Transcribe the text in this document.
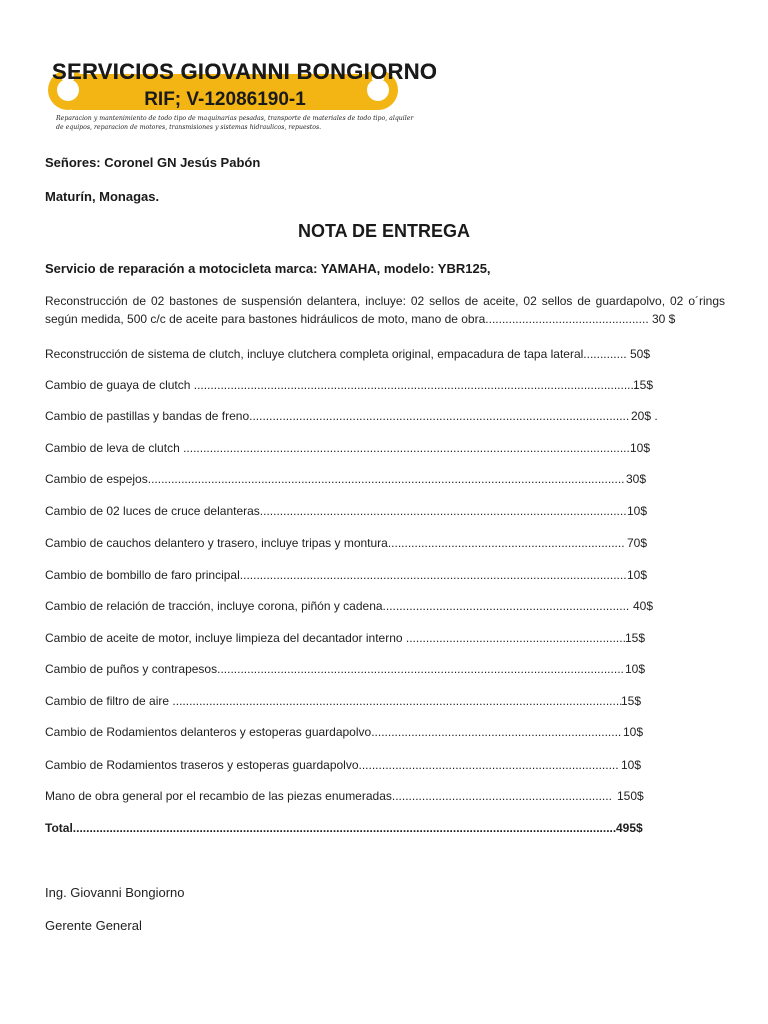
SERVICIOS GIOVANNI BONGIORNO
RIF; V-12086190-1
Reparacion y mantenimiento de todo tipo de maquinarias pesadas, transporte de materiales de todo tipo, alquiler
de equipos, reparacion de motores, transmisiones y sistemas hidraulicos, repuestos.
Señores: Coronel GN Jesús Pabón
Maturín, Monagas.
NOTA DE ENTREGA
Servicio de reparación a motocicleta marca: YAMAHA, modelo: YBR125,
Reconstrucción de 02 bastones de suspensión delantera, incluye: 02 sellos de aceite, 02 sellos de guardapolvo, 02 o´rings según medida, 500 c/c de aceite para bastones hidráulicos de moto, mano de obra................................................. 30 $
Reconstrucción de sistema de clutch, incluye clutchera completa original, empacadura de tapa lateral............. 50$
Cambio de guaya de clutch .....................................................................................................................................
15$
Cambio de pastillas y bandas de freno.................................................................................................................. 20$ .
Cambio de leva de clutch .......................................................................................................................................
10$
Cambio de espejos............................................................................................................................................... 30$
Cambio de 02 luces de cruce delanteras.............................................................................................................. 10$
Cambio de cauchos delantero y trasero, incluye tripas y montura....................................................................... 70$
Cambio de bombillo de faro principal.................................................................................................................... 10$
Cambio de relación de tracción, incluye corona, piñón y cadena.......................................................................... 40$
Cambio de aceite de motor, incluye limpieza del decantador interno .................................................................. 15$
Cambio de puños y contrapesos.......................................................................................................................... 10$
Cambio de filtro de aire .......................................................................................................................................
15$
Cambio de Rodamientos delanteros y estoperas guardapolvo........................................................................... 10$
Cambio de Rodamientos traseros y estoperas guardapolvo.............................................................................. 10$
Mano de obra general por el recambio de las piezas enumeradas.................................................................. 150$
Total................................................................................................................................................................... 495$
Ing. Giovanni Bongiorno
Gerente General
